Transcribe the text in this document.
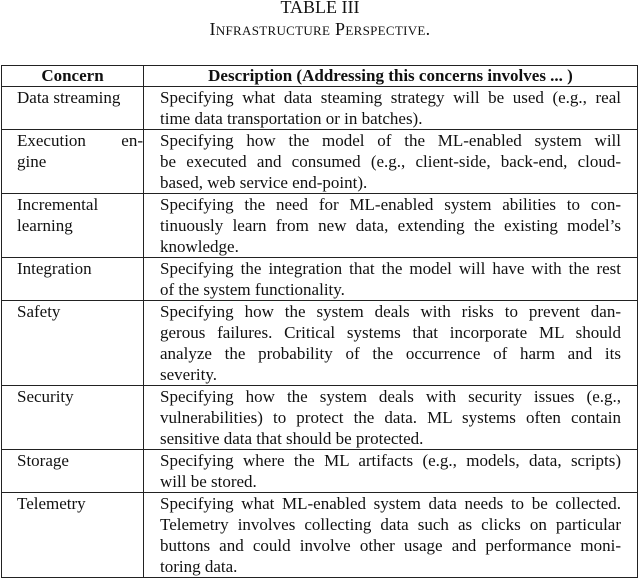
TABLE III
Infrastructure Perspective.
Concern	Description (Addressing this concerns involves ... )

Data streaming	Specifying what data steaming strategy will be used (e.g., real
time data transportation or in batches).

Execution en-
gine	Specifying how the model of the ML-enabled system will
be executed and consumed (e.g., client-side, back-end, cloud-
based, web service end-point).

Incremental
learning	Specifying the need for ML-enabled system abilities to con-
tinuously learn from new data, extending the existing model’s
knowledge.

Integration	Specifying the integration that the model will have with the rest
of the system functionality.

Safety	Specifying how the system deals with risks to prevent dan-
gerous failures. Critical systems that incorporate ML should
analyze the probability of the occurrence of harm and its
severity.

Security	Specifying how the system deals with security issues (e.g.,
vulnerabilities) to protect the data. ML systems often contain
sensitive data that should be protected.

Storage	Specifying where the ML artifacts (e.g., models, data, scripts)
will be stored.

Telemetry	Specifying what ML-enabled system data needs to be collected.
Telemetry involves collecting data such as clicks on particular
buttons and could involve other usage and performance moni-
toring data.
